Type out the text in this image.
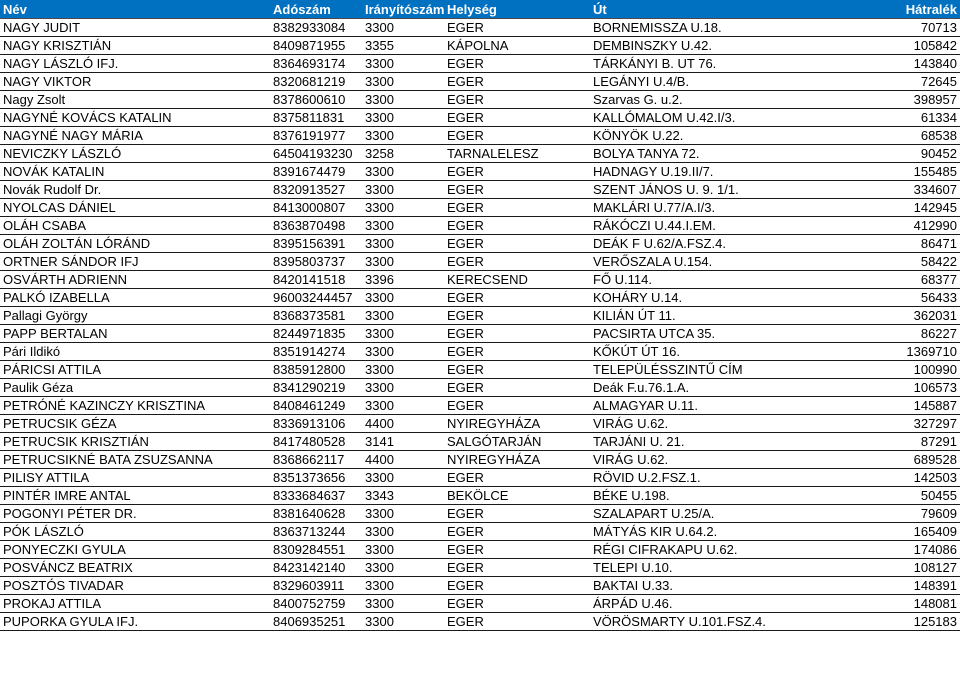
Név	Adószám	Irányítószám	Helység	Út	Hátralék
NAGY JUDIT	8382933084	3300	EGER	BORNEMISSZA U.18.	70713
NAGY KRISZTIÁN	8409871955	3355	KÁPOLNA	DEMBINSZKY U.42.	105842
NAGY LÁSZLÓ IFJ.	8364693174	3300	EGER	TÁRKÁNYI B. UT 76.	143840
NAGY VIKTOR	8320681219	3300	EGER	LEGÁNYI U.4/B.	72645
Nagy Zsolt	8378600610	3300	EGER	Szarvas G. u.2.	398957
NAGYNÉ KOVÁCS KATALIN	8375811831	3300	EGER	KALLÓMALOM U.42.I/3.	61334
NAGYNÉ NAGY MÁRIA	8376191977	3300	EGER	KÖNYÖK U.22.	68538
NEVICZKY LÁSZLÓ	64504193230	3258	TARNALELESZ	BOLYA TANYA 72.	90452
NOVÁK KATALIN	8391674479	3300	EGER	HADNAGY U.19.II/7.	155485
Novák Rudolf Dr.	8320913527	3300	EGER	SZENT JÁNOS U. 9. 1/1.	334607
NYOLCAS DÁNIEL	8413000807	3300	EGER	MAKLÁRI U.77/A.I/3.	142945
OLÁH CSABA	8363870498	3300	EGER	RÁKÓCZI U.44.I.EM.	412990
OLÁH ZOLTÁN LÓRÁND	8395156391	3300	EGER	DEÁK F U.62/A.FSZ.4.	86471
ORTNER SÁNDOR IFJ	8395803737	3300	EGER	VERŐSZALA U.154.	58422
OSVÁRTH ADRIENN	8420141518	3396	KERECSEND	FŐ U.114.	68377
PALKÓ IZABELLA	96003244457	3300	EGER	KOHÁRY U.14.	56433
Pallagi György	8368373581	3300	EGER	KILIÁN ÚT 11.	362031
PAPP BERTALAN	8244971835	3300	EGER	PACSIRTA UTCA 35.	86227
Pári Ildikó	8351914274	3300	EGER	KŐKÚT ÚT 16.	1369710
PÁRICSI ATTILA	8385912800	3300	EGER	TELEPÜLÉSSZINTŰ CÍM	100990
Paulik Géza	8341290219	3300	EGER	Deák F.u.76.1.A.	106573
PETRÓNÉ KAZINCZY KRISZTINA	8408461249	3300	EGER	ALMAGYAR U.11.	145887
PETRUCSIK GÉZA	8336913106	4400	NYIREGYHÁZA	VIRÁG U.62.	327297
PETRUCSIK KRISZTIÁN	8417480528	3141	SALGÓTARJÁN	TARJÁNI U. 21.	87291
PETRUCSIKNÉ BATA ZSUZSANNA	8368662117	4400	NYIREGYHÁZA	VIRÁG U.62.	689528
PILISY ATTILA	8351373656	3300	EGER	RÖVID U.2.FSZ.1.	142503
PINTÉR IMRE ANTAL	8333684637	3343	BEKÖLCE	BÉKE U.198.	50455
POGONYI PÉTER DR.	8381640628	3300	EGER	SZALAPART U.25/A.	79609
PÓK LÁSZLÓ	8363713244	3300	EGER	MÁTYÁS KIR U.64.2.	165409
PONYECZKI GYULA	8309284551	3300	EGER	RÉGI CIFRAKAPU U.62.	174086
POSVÁNCZ BEATRIX	8423142140	3300	EGER	TELEPI U.10.	108127
POSZTÓS TIVADAR	8329603911	3300	EGER	BAKTAI U.33.	148391
PROKAJ ATTILA	8400752759	3300	EGER	ÁRPÁD U.46.	148081
PUPORKA GYULA IFJ.	8406935251	3300	EGER	VÖRÖSMARTY U.101.FSZ.4.	125183
